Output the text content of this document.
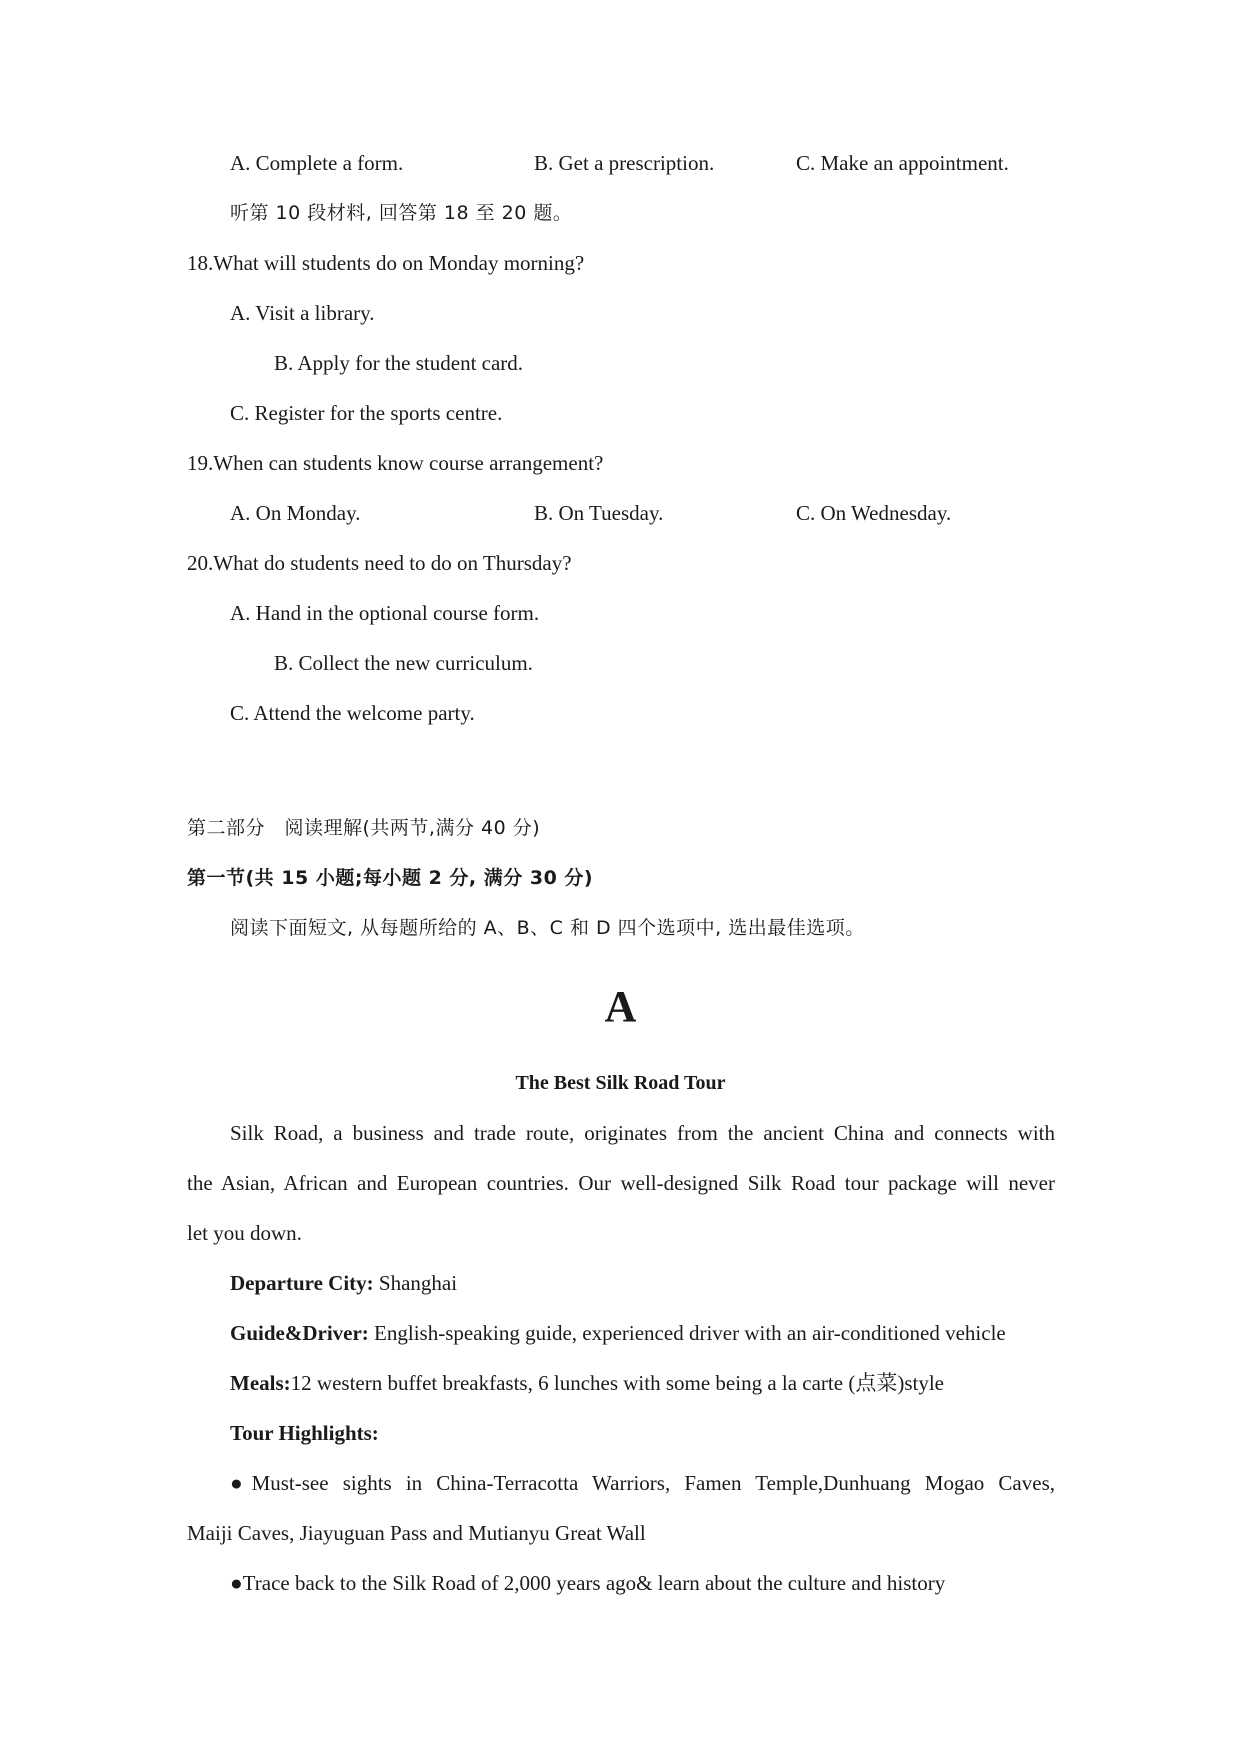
A. Complete a form.	B. Get a prescription.	C. Make an appointment.
听第 10 段材料, 回答第 18 至 20 题。
18.What will students do on Monday morning?
A. Visit a library.
B. Apply for the student card.
C. Register for the sports centre.
19.When can students know course arrangement?
A. On Monday.	B. On Tuesday.	C. On Wednesday.
20.What do students need to do on Thursday?
A. Hand in the optional course form.
B. Collect the new curriculum.
C. Attend the welcome party.
第二部分　阅读理解(共两节,满分 40 分)
第一节(共 15 小题;每小题 2 分, 满分 30 分)
阅读下面短文, 从每题所给的 A、B、C 和 D 四个选项中, 选出最佳选项。
A
The Best Silk Road Tour
Silk Road, a business and trade route, originates from the ancient China and connects with
the Asian, African and European countries. Our well-designed Silk Road tour package will never
let you down.
Departure City: Shanghai
Guide&Driver: English-speaking guide, experienced driver with an air-conditioned vehicle
Meals:12 western buffet breakfasts, 6 lunches with some being a la carte (点菜)style
Tour Highlights:
●Must-see sights in China-Terracotta Warriors, Famen Temple,Dunhuang Mogao Caves,
Maiji Caves, Jiayuguan Pass and Mutianyu Great Wall
●Trace back to the Silk Road of 2,000 years ago& learn about the culture and history
